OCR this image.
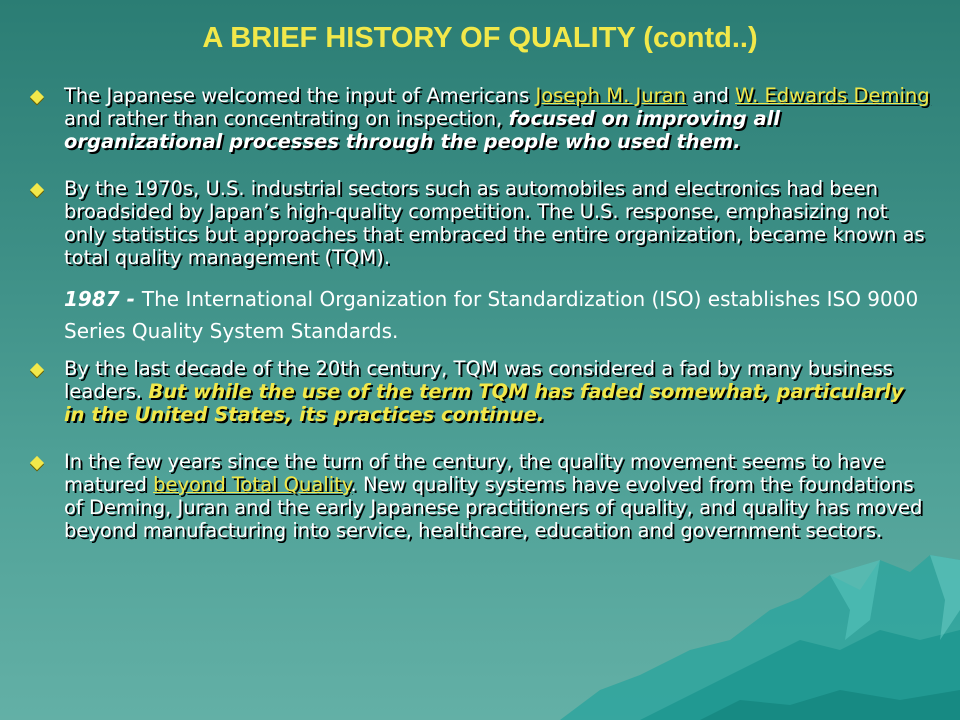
A BRIEF HISTORY OF QUALITY (contd..)
The Japanese welcomed the input of Americans Joseph M. Juran and W. Edwards Deming and rather than concentrating on inspection, focused on improving all organizational processes through the people who used them.
By the 1970s, U.S. industrial sectors such as automobiles and electronics had been broadsided by Japan’s high-quality competition. The U.S. response, emphasizing not only statistics but approaches that embraced the entire organization, became known as total quality management (TQM).
1987 - The International Organization for Standardization (ISO) establishes ISO 9000 Series Quality System Standards.
By the last decade of the 20th century, TQM was considered a fad by many business leaders. But while the use of the term TQM has faded somewhat, particularly in the United States, its practices continue.
In the few years since the turn of the century, the quality movement seems to have matured beyond Total Quality. New quality systems have evolved from the foundations of Deming, Juran and the early Japanese practitioners of quality, and quality has moved beyond manufacturing into service, healthcare, education and government sectors.
